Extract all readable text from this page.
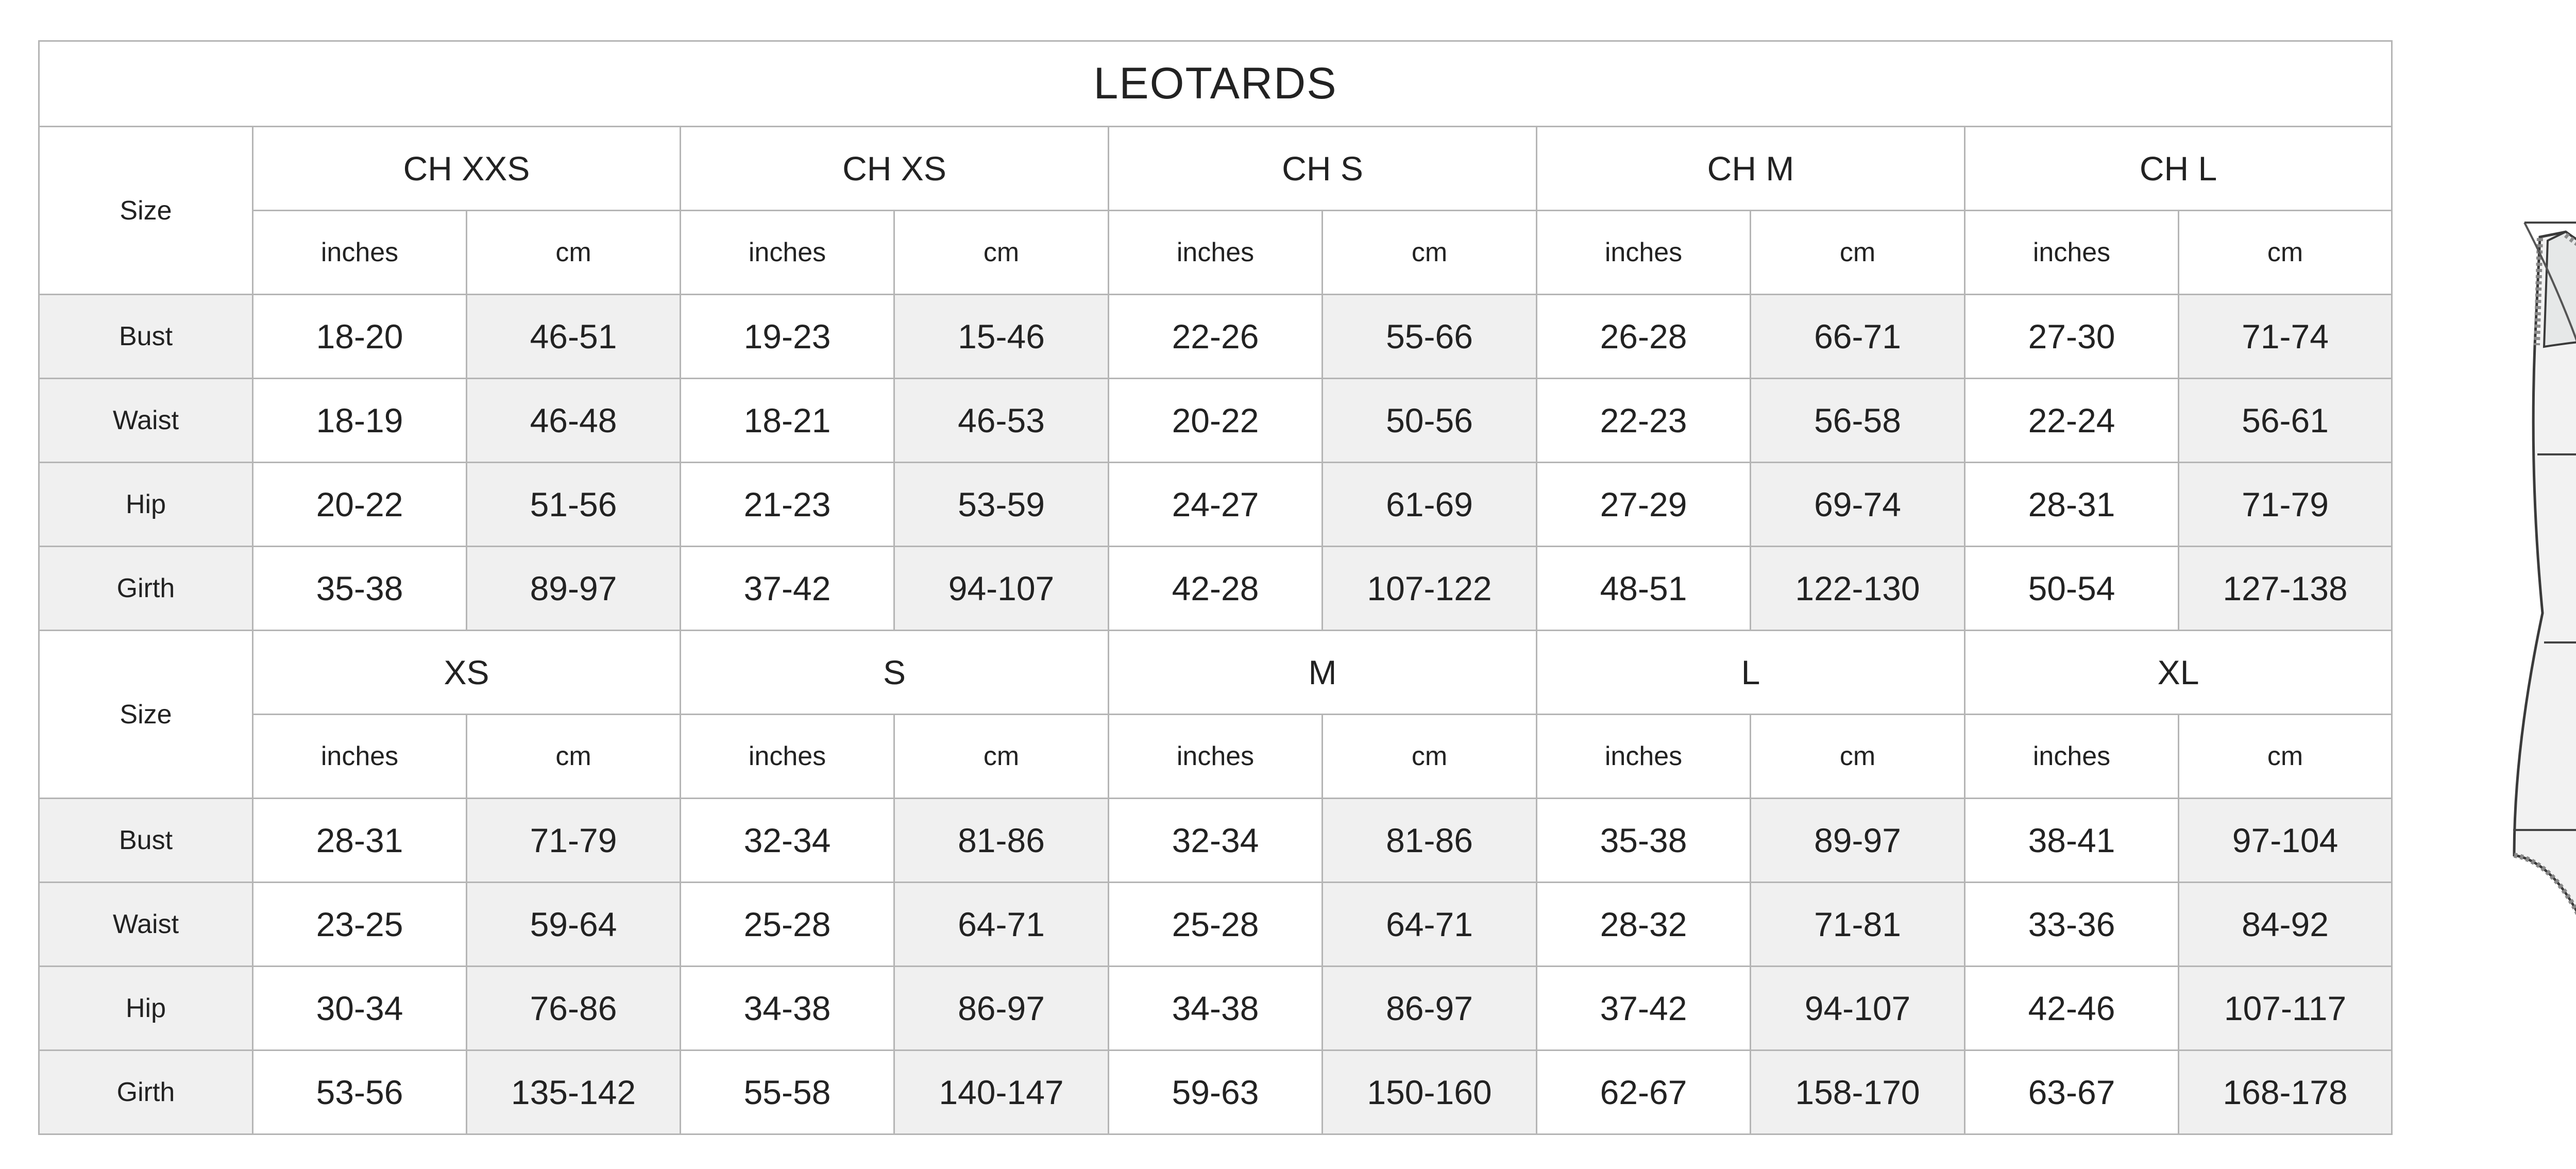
LEOTARDS										
Size	CH XXS		CH XS		CH S		CH M		CH L	
	inches	cm	inches	cm	inches	cm	inches	cm	inches	cm
Bust	18-20	46-51	19-23	15-46	22-26	55-66	26-28	66-71	27-30	71-74
Waist	18-19	46-48	18-21	46-53	20-22	50-56	22-23	56-58	22-24	56-61
Hip	20-22	51-56	21-23	53-59	24-27	61-69	27-29	69-74	28-31	71-79
Girth	35-38	89-97	37-42	94-107	42-28	107-122	48-51	122-130	50-54	127-138
Size	XS		S		M		L		XL	
	inches	cm	inches	cm	inches	cm	inches	cm	inches	cm
Bust	28-31	71-79	32-34	81-86	32-34	81-86	35-38	89-97	38-41	97-104
Waist	23-25	59-64	25-28	64-71	25-28	64-71	28-32	71-81	33-36	84-92
Hip	30-34	76-86	34-38	86-97	34-38	86-97	37-42	94-107	42-46	107-117
Girth	53-56	135-142	55-58	140-147	59-63	150-160	62-67	158-170	63-67	168-178
